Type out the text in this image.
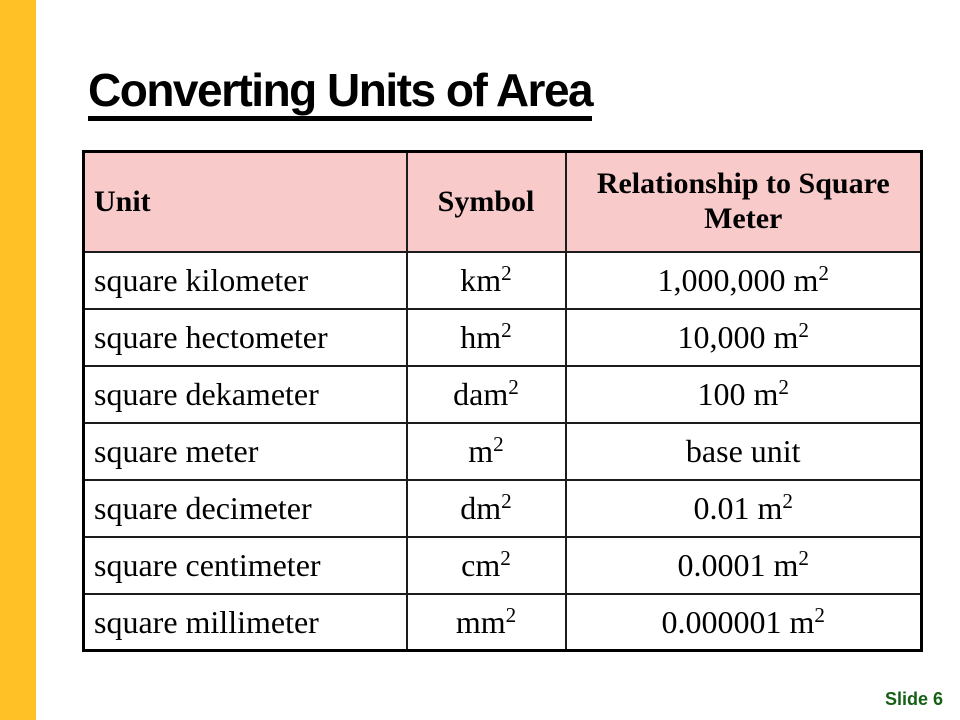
Converting Units of Area
Unit	Symbol	Relationship to Square Meter
square kilometer	$km^2$	1,000,000 $m^2$
square hectometer	$hm^2$	10,000 $m^2$
square dekameter	dam$^2$	100 $m^2$
square meter	$m^2$	base unit
square decimeter	$dm^2$	0.01 $m^2$
square centimeter	$cm^2$	0.0001 $m^2$
square millimeter	$mm^2$	0.000001 $m^2$
Slide 6
